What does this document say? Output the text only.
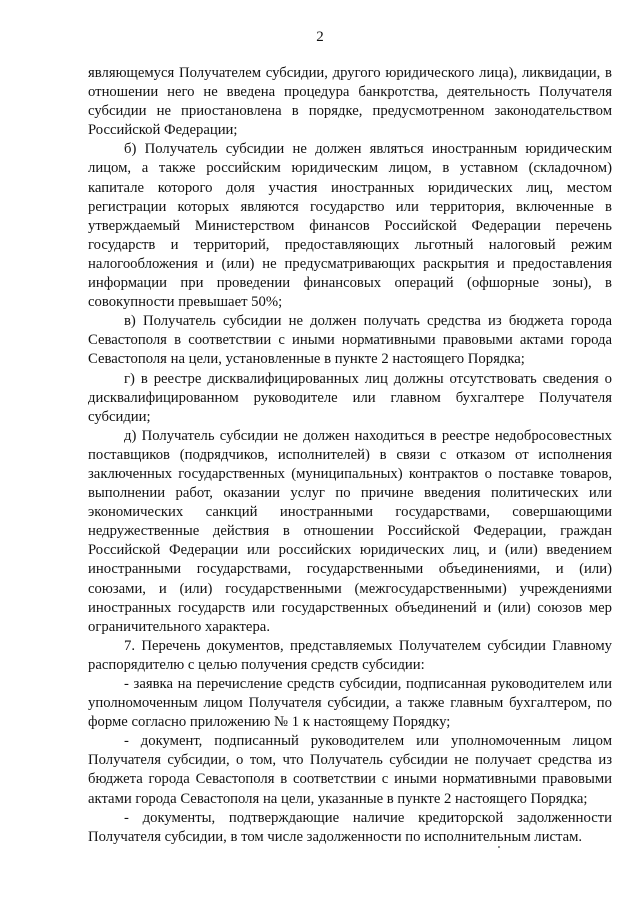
2

являющемуся Получателем субсидии, другого юридического лица), ликвидации, в отношении него не введена процедура банкротства, деятельность Получателя субсидии не приостановлена в порядке, предусмотренном законодательством Российской Федерации;

б) Получатель субсидии не должен являться иностранным юридическим лицом, а также российским юридическим лицом, в уставном (складочном) капитале которого доля участия иностранных юридических лиц, местом регистрации которых являются государство или территория, включенные в утверждаемый Министерством финансов Российской Федерации перечень государств и территорий, предоставляющих льготный налоговый режим налогообложения и (или) не предусматривающих раскрытия и предоставления информации при проведении финансовых операций (офшорные зоны), в совокупности превышает 50%;

в) Получатель субсидии не должен получать средства из бюджета города Севастополя в соответствии с иными нормативными правовыми актами города Севастополя на цели, установленные в пункте 2 настоящего Порядка;

г) в реестре дисквалифицированных лиц должны отсутствовать сведения о дисквалифицированном руководителе или главном бухгалтере Получателя субсидии;

д) Получатель субсидии не должен находиться в реестре недобросовестных поставщиков (подрядчиков, исполнителей) в связи с отказом от исполнения заключенных государственных (муниципальных) контрактов о поставке товаров, выполнении работ, оказании услуг по причине введения политических или экономических санкций иностранными государствами, совершающими недружественные действия в отношении Российской Федерации, граждан Российской Федерации или российских юридических лиц, и (или) введением иностранными государствами, государственными объединениями, и (или) союзами, и (или) государственными (межгосударственными) учреждениями иностранных государств или государственных объединений и (или) союзов мер ограничительного характера.

7. Перечень документов, представляемых Получателем субсидии Главному распорядителю с целью получения средств субсидии:

- заявка на перечисление средств субсидии, подписанная руководителем или уполномоченным лицом Получателя субсидии, а также главным бухгалтером, по форме согласно приложению № 1 к настоящему Порядку;

- документ, подписанный руководителем или уполномоченным лицом Получателя субсидии, о том, что Получатель субсидии не получает средства из бюджета города Севастополя в соответствии с иными нормативными правовыми актами города Севастополя на цели, указанные в пункте 2 настоящего Порядка;

- документы, подтверждающие наличие кредиторской задолженности Получателя субсидии, в том числе задолженности по исполнительным листам.
